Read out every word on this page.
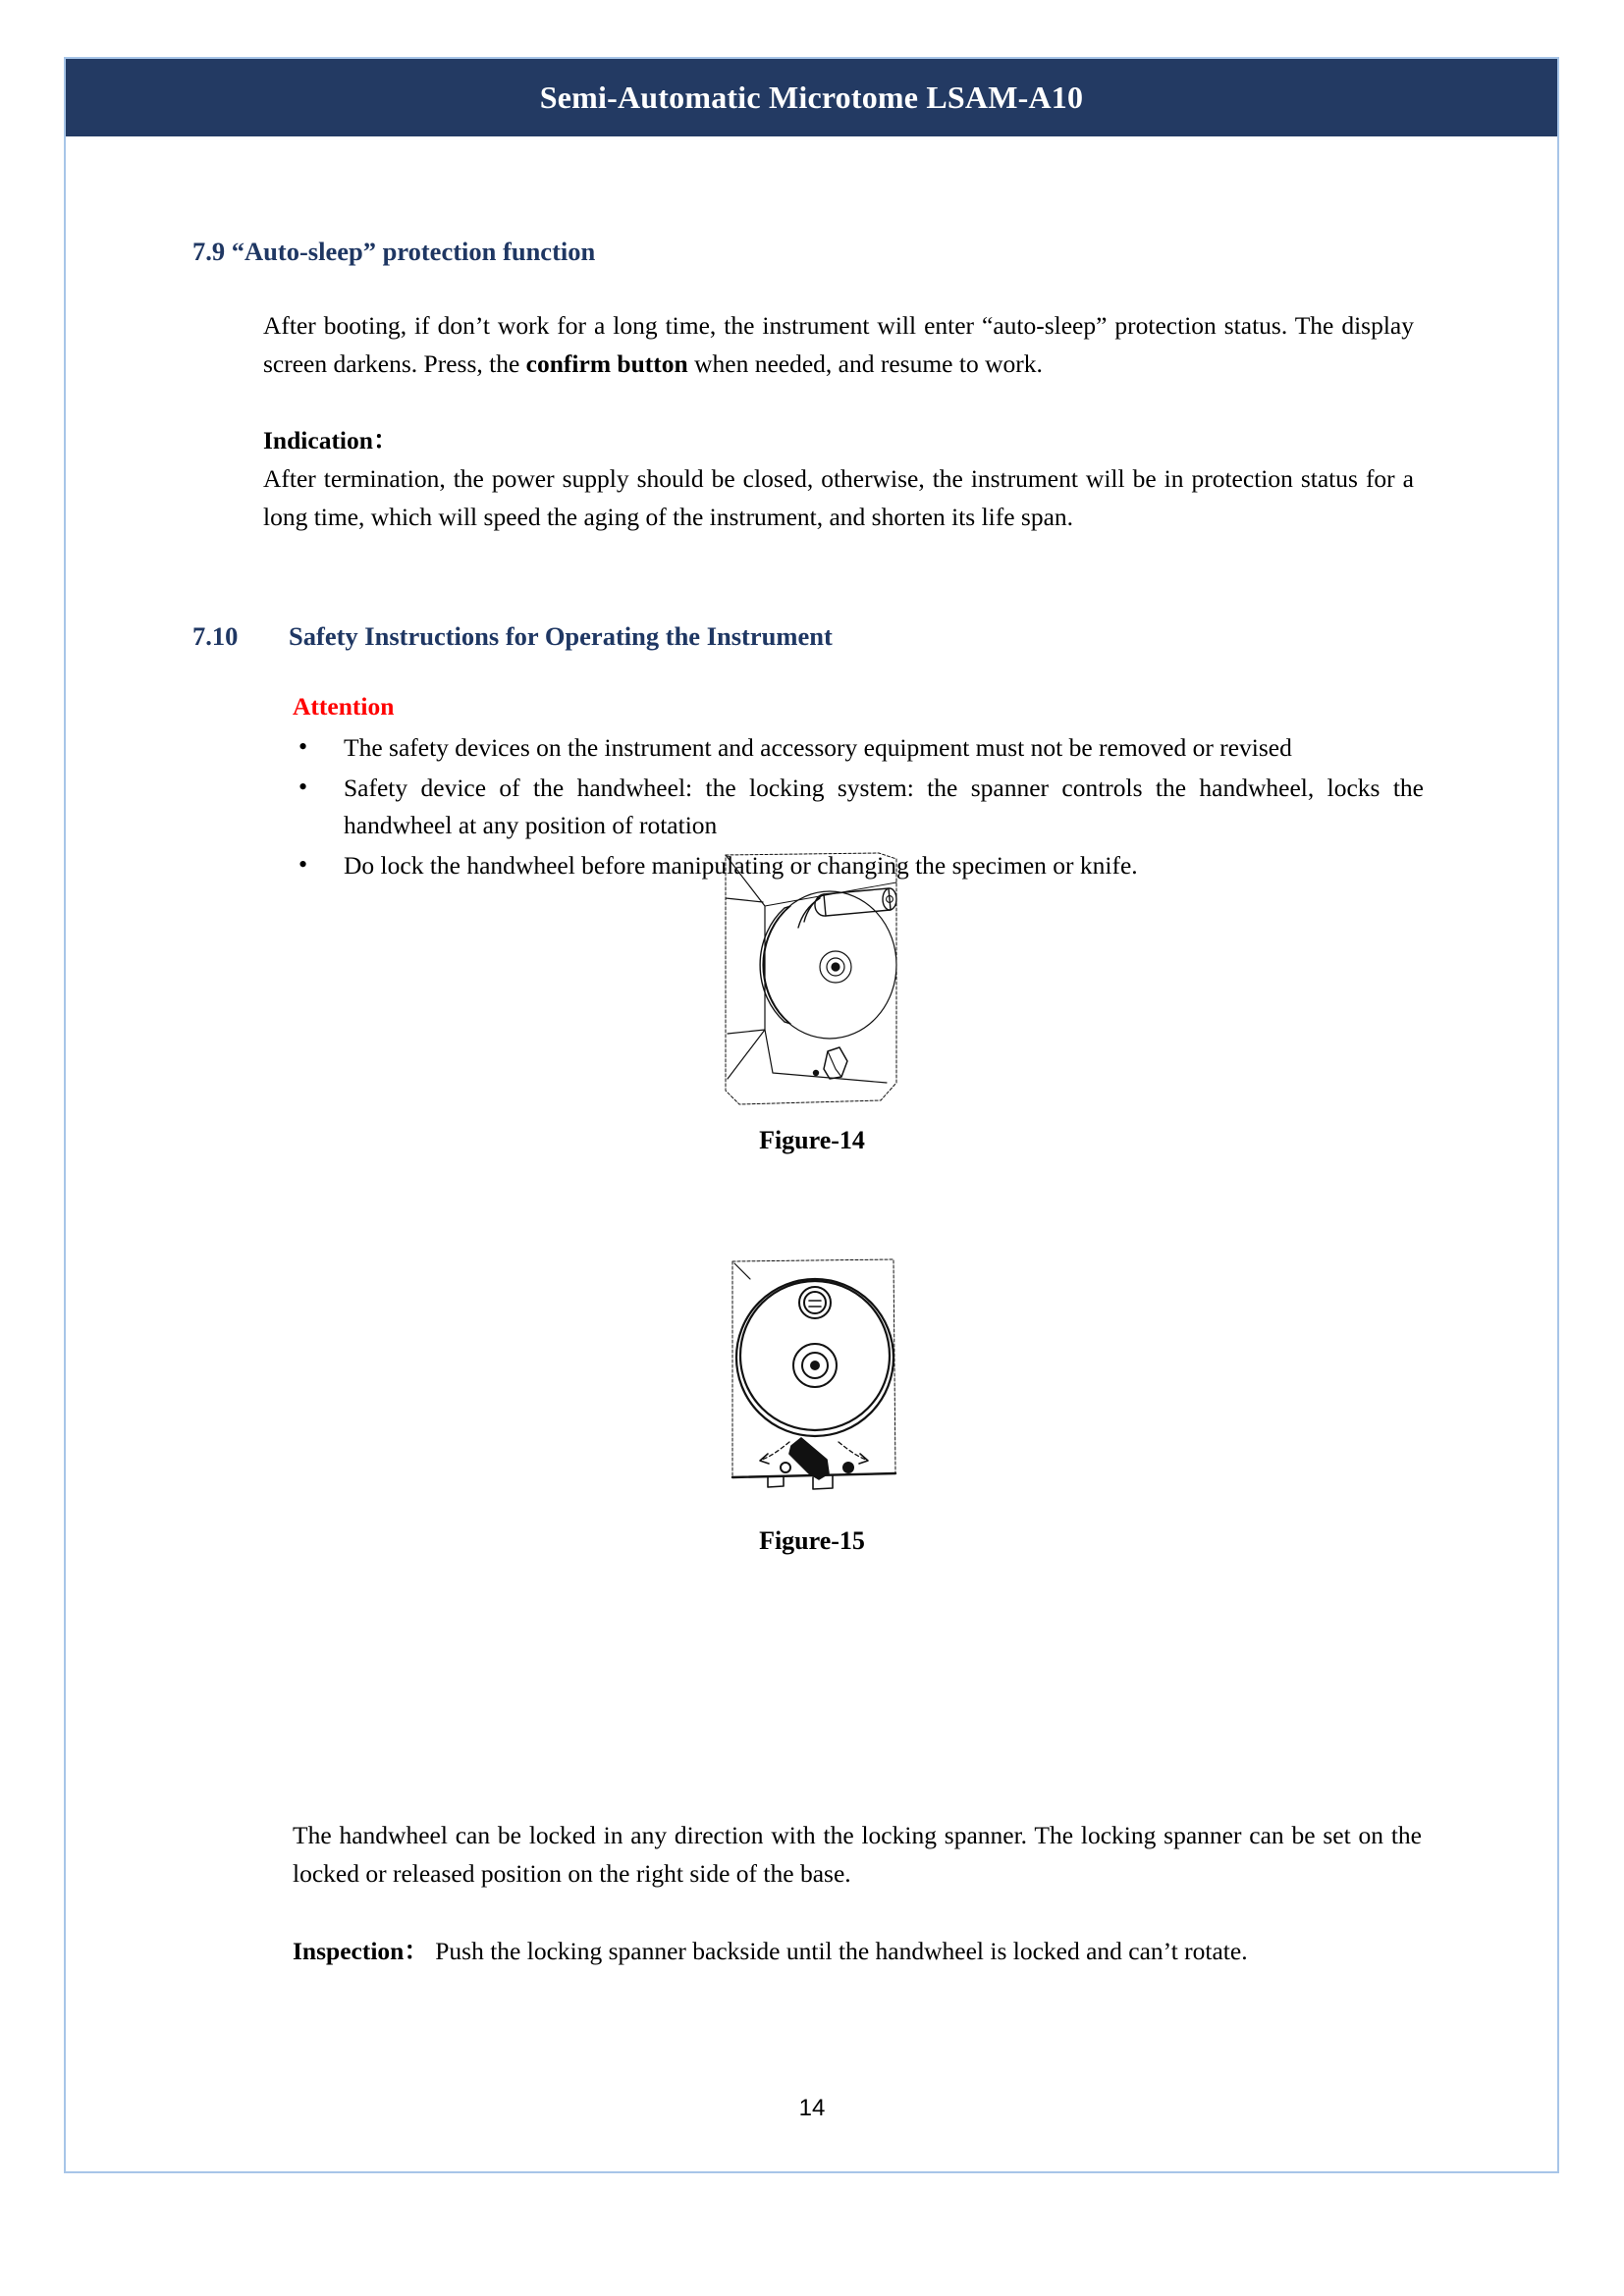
Semi-Automatic Microtome LSAM-A10
7.9 “Auto-sleep” protection function
After booting, if don’t work for a long time, the instrument will enter “auto-sleep” protection status. The display screen darkens. Press, the confirm button when needed, and resume to work.
Indication：
After termination, the power supply should be closed, otherwise, the instrument will be in protection status for a long time, which will speed the aging of the instrument, and shorten its life span.
7.10	Safety Instructions for Operating the Instrument
Attention
• The safety devices on the instrument and accessory equipment must not be removed or revised
• Safety device of the handwheel: the locking system: the spanner controls the handwheel, locks the handwheel at any position of rotation
• Do lock the handwheel before manipulating or changing the specimen or knife.
Figure-14
Figure-15
The handwheel can be locked in any direction with the locking spanner. The locking spanner can be set on the locked or released position on the right side of the base.
Inspection： Push the locking spanner backside until the handwheel is locked and can’t rotate.
14
